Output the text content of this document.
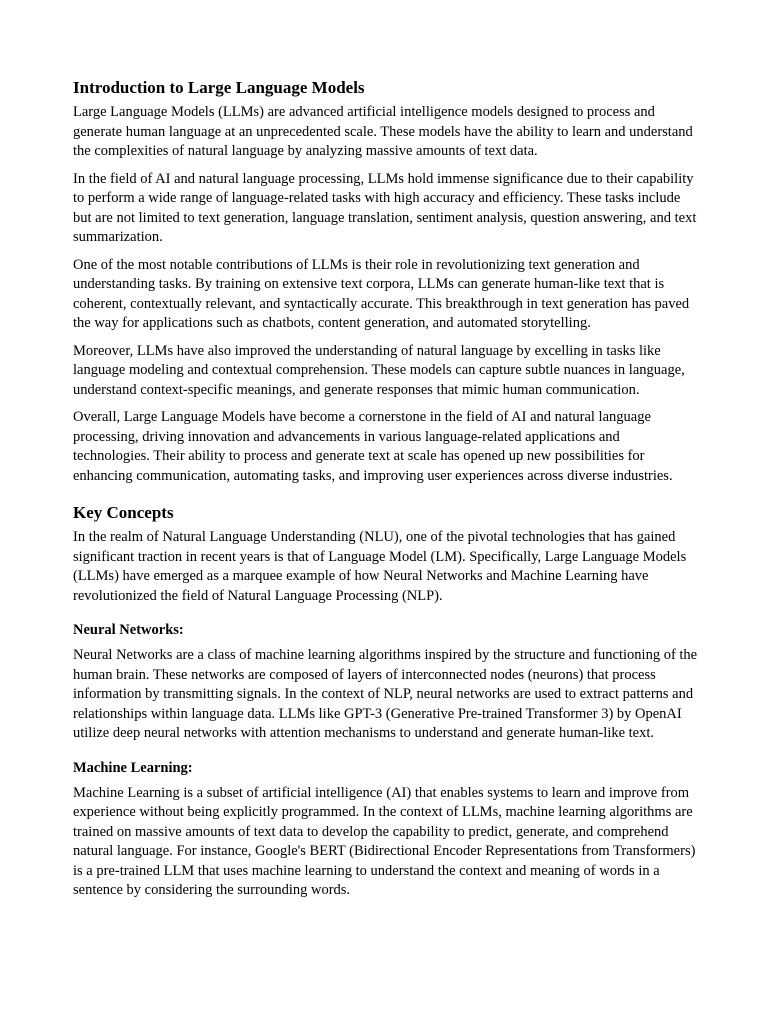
Introduction to Large Language Models

Large Language Models (LLMs) are advanced artificial intelligence models designed to process and generate human language at an unprecedented scale. These models have the ability to learn and understand the complexities of natural language by analyzing massive amounts of text data.

In the field of AI and natural language processing, LLMs hold immense significance due to their capability to perform a wide range of language-related tasks with high accuracy and efficiency. These tasks include but are not limited to text generation, language translation, sentiment analysis, question answering, and text summarization.

One of the most notable contributions of LLMs is their role in revolutionizing text generation and understanding tasks. By training on extensive text corpora, LLMs can generate human-like text that is coherent, contextually relevant, and syntactically accurate. This breakthrough in text generation has paved the way for applications such as chatbots, content generation, and automated storytelling.

Moreover, LLMs have also improved the understanding of natural language by excelling in tasks like language modeling and contextual comprehension. These models can capture subtle nuances in language, understand context-specific meanings, and generate responses that mimic human communication.

Overall, Large Language Models have become a cornerstone in the field of AI and natural language processing, driving innovation and advancements in various language-related applications and technologies. Their ability to process and generate text at scale has opened up new possibilities for enhancing communication, automating tasks, and improving user experiences across diverse industries.

Key Concepts

In the realm of Natural Language Understanding (NLU), one of the pivotal technologies that has gained significant traction in recent years is that of Language Model (LM). Specifically, Large Language Models (LLMs) have emerged as a marquee example of how Neural Networks and Machine Learning have revolutionized the field of Natural Language Processing (NLP).

Neural Networks:

Neural Networks are a class of machine learning algorithms inspired by the structure and functioning of the human brain. These networks are composed of layers of interconnected nodes (neurons) that process information by transmitting signals. In the context of NLP, neural networks are used to extract patterns and relationships within language data. LLMs like GPT-3 (Generative Pre-trained Transformer 3) by OpenAI utilize deep neural networks with attention mechanisms to understand and generate human-like text.

Machine Learning:

Machine Learning is a subset of artificial intelligence (AI) that enables systems to learn and improve from experience without being explicitly programmed. In the context of LLMs, machine learning algorithms are trained on massive amounts of text data to develop the capability to predict, generate, and comprehend natural language. For instance, Google's BERT (Bidirectional Encoder Representations from Transformers) is a pre-trained LLM that uses machine learning to understand the context and meaning of words in a sentence by considering the surrounding words.
